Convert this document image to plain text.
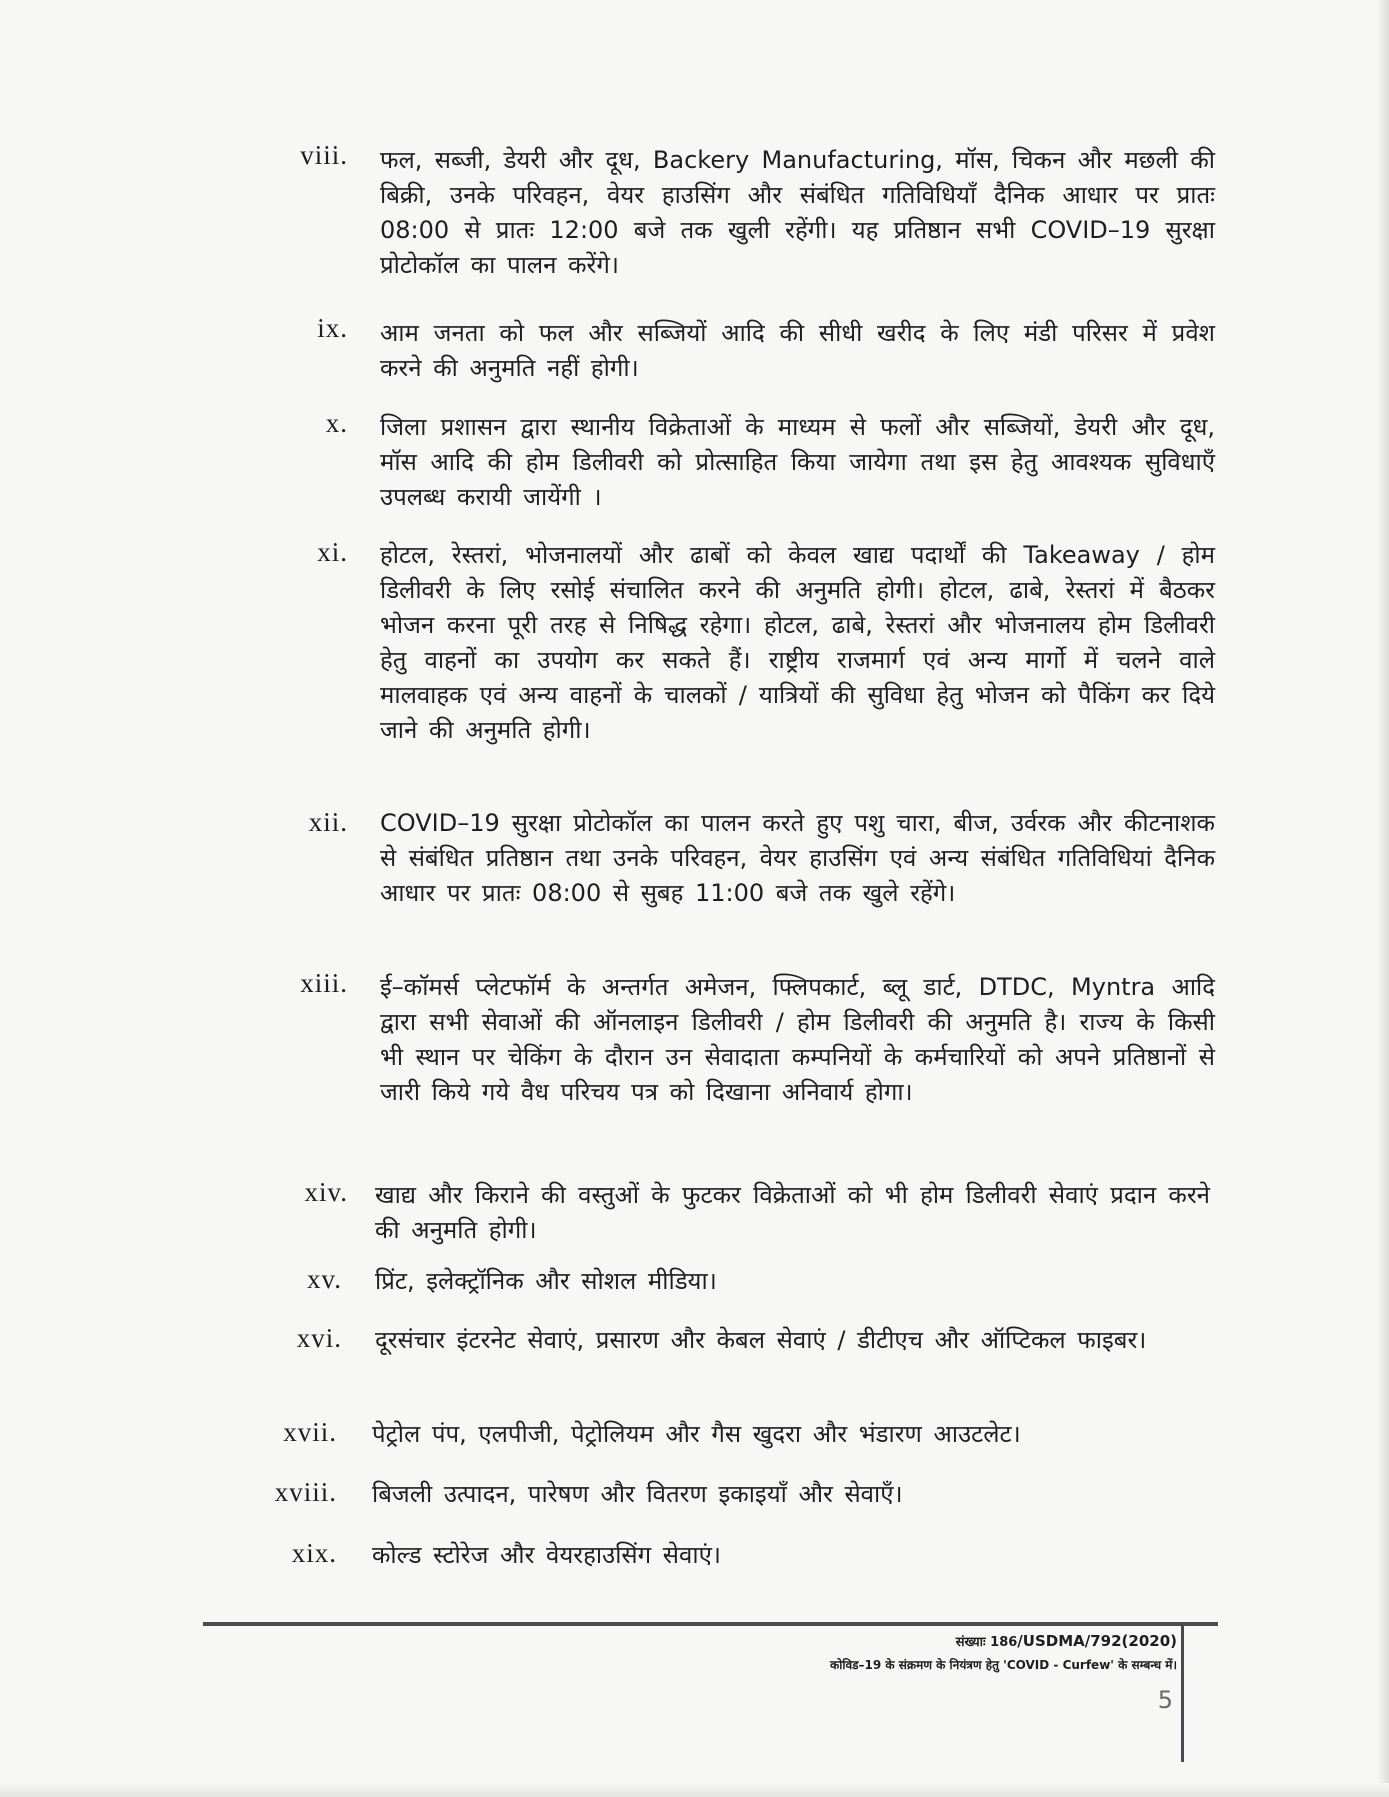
viii. फल, सब्जी, डेयरी और दूध, Backery Manufacturing, मॉस, चिकन और मछली की बिक्री, उनके परिवहन, वेयर हाउसिंग और संबंधित गतिविधियाँ दैनिक आधार पर प्रातः 08:00 से प्रातः 12:00 बजे तक खुली रहेंगी। यह प्रतिष्ठान सभी COVID–19 सुरक्षा प्रोटोकॉल का पालन करेंगे।
ix. आम जनता को फल और सब्जियों आदि की सीधी खरीद के लिए मंडी परिसर में प्रवेश करने की अनुमति नहीं होगी।
x. जिला प्रशासन द्वारा स्थानीय विक्रेताओं के माध्यम से फलों और सब्जियों, डेयरी और दूध, मॉस आदि की होम डिलीवरी को प्रोत्साहित किया जायेगा तथा इस हेतु आवश्यक सुविधाएँ उपलब्ध करायी जायेंगी ।
xi. होटल, रेस्तरां, भोजनालयों और ढाबों को केवल खाद्य पदार्थों की Takeaway / होम डिलीवरी के लिए रसोई संचालित करने की अनुमति होगी। होटल, ढाबे, रेस्तरां में बैठकर भोजन करना पूरी तरह से निषिद्ध रहेगा। होटल, ढाबे, रेस्तरां और भोजनालय होम डिलीवरी हेतु वाहनों का उपयोग कर सकते हैं। राष्ट्रीय राजमार्ग एवं अन्य मार्गो में चलने वाले मालवाहक एवं अन्य वाहनों के चालकों / यात्रियों की सुविधा हेतु भोजन को पैकिंग कर दिये जाने की अनुमति होगी।
xii. COVID–19 सुरक्षा प्रोटोकॉल का पालन करते हुए पशु चारा, बीज, उर्वरक और कीटनाशक से संबंधित प्रतिष्ठान तथा उनके परिवहन, वेयर हाउसिंग एवं अन्य संबंधित गतिविधियां दैनिक आधार पर प्रातः 08:00 से सुबह 11:00 बजे तक खुले रहेंगे।
xiii. ई–कॉमर्स प्लेटफॉर्म के अन्तर्गत अमेजन, फ्लिपकार्ट, ब्लू डार्ट, DTDC, Myntra आदि द्वारा सभी सेवाओं की ऑनलाइन डिलीवरी / होम डिलीवरी की अनुमति है। राज्य के किसी भी स्थान पर चेकिंग के दौरान उन सेवादाता कम्पनियों के कर्मचारियों को अपने प्रतिष्ठानों से जारी किये गये वैध परिचय पत्र को दिखाना अनिवार्य होगा।
xiv. खाद्य और किराने की वस्तुओं के फुटकर विक्रेताओं को भी होम डिलीवरी सेवाएं प्रदान करने की अनुमति होगी।
xv. प्रिंट, इलेक्ट्रॉनिक और सोशल मीडिया।
xvi. दूरसंचार इंटरनेट सेवाएं, प्रसारण और केबल सेवाएं / डीटीएच और ऑप्टिकल फाइबर।
xvii. पेट्रोल पंप, एलपीजी, पेट्रोलियम और गैस खुदरा और भंडारण आउटलेट।
xviii. बिजली उत्पादन, पारेषण और वितरण इकाइयाँ और सेवाएँ।
xix. कोल्ड स्टोरेज और वेयरहाउसिंग सेवाएं।
संख्याः 186/USDMA/792(2020)
कोविड–19 के संक्रमण के नियंत्रण हेतु 'COVID - Curfew' के सम्बन्ध में।
5
